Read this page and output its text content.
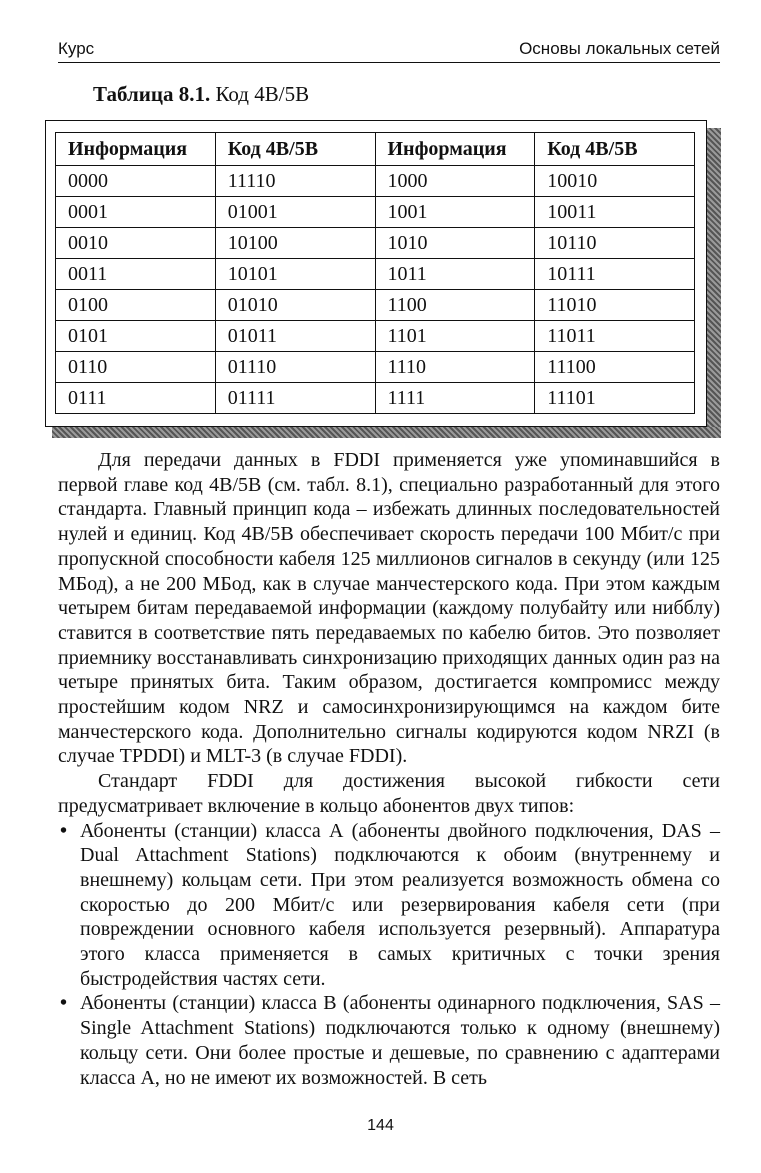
Курс	Основы локальных сетей
Таблица 8.1. Код 4B/5B
Информация	Код 4B/5B	Информация	Код 4B/5B
0000	11110	1000	10010
0001	01001	1001	10011
0010	10100	1010	10110
0011	10101	1011	10111
0100	01010	1100	11010
0101	01011	1101	11011
0110	01110	1110	11100
0111	01111	1111	11101

Для передачи данных в FDDI применяется уже упоминавшийся в первой главе код 4B/5B (см. табл. 8.1), специально разработанный для этого стандарта. Главный принцип кода – избежать длинных последовательностей нулей и единиц. Код 4B/5B обеспечивает скорость передачи 100 Мбит/с при пропускной способности кабеля 125 миллионов сигналов в секунду (или 125 МБод), а не 200 МБод, как в случае манчестерского кода. При этом каждым четырем битам передаваемой информации (каждому полубайту или нибблу) ставится в соответствие пять передаваемых по кабелю битов. Это позволяет приемнику восстанавливать синхронизацию приходящих данных один раз на четыре принятых бита. Таким образом, достигается компромисс между простейшим кодом NRZ и самосинхронизирующимся на каждом бите манчестерского кода. Дополнительно сигналы кодируются кодом NRZI (в случае TPDDI) и MLT-3 (в случае FDDI).

Стандарт FDDI для достижения высокой гибкости сети предусматривает включение в кольцо абонентов двух типов:

• Абоненты (станции) класса А (абоненты двойного подключения, DAS – Dual Attachment Stations) подключаются к обоим (внутреннему и внешнему) кольцам сети. При этом реализуется возможность обмена со скоростью до 200 Мбит/с или резервирования кабеля сети (при повреждении основного кабеля используется резервный). Аппаратура этого класса применяется в самых критичных с точки зрения быстродействия частях сети.
• Абоненты (станции) класса В (абоненты одинарного подключения, SAS – Single Attachment Stations) подключаются только к одному (внешнему) кольцу сети. Они более простые и дешевые, по сравнению с адаптерами класса А, но не имеют их возможностей. В сеть
144
